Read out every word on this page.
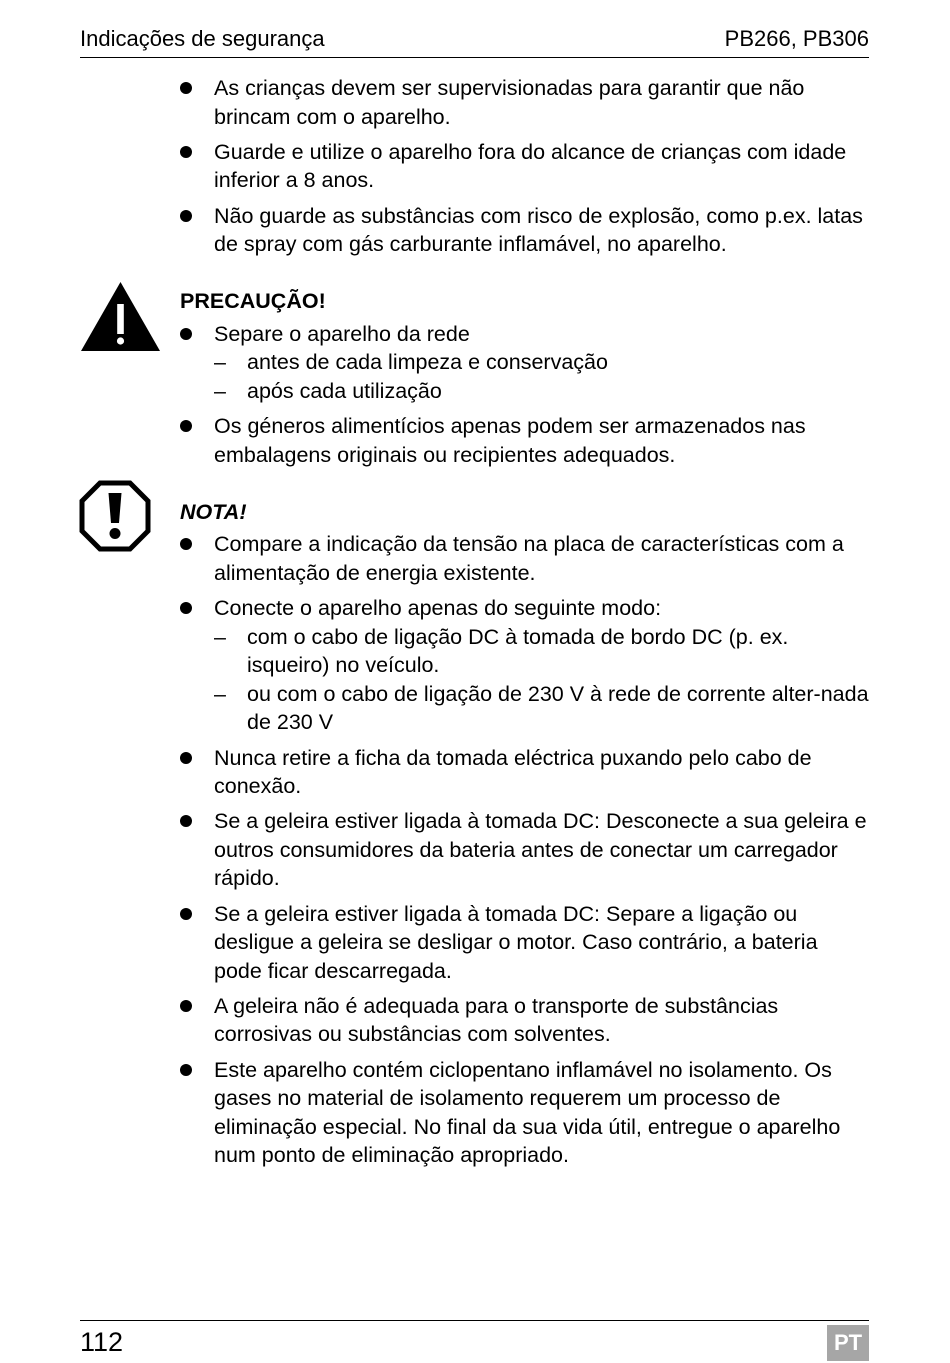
Indicações de segurança	PB266, PB306
As crianças devem ser supervisionadas para garantir que não brincam com o aparelho.
Guarde e utilize o aparelho fora do alcance de crianças com idade inferior a 8 anos.
Não guarde as substâncias com risco de explosão, como p.ex. latas de spray com gás carburante inflamável, no aparelho.
PRECAUÇÃO!
Separe o aparelho da rede
– antes de cada limpeza e conservação
– após cada utilização
Os géneros alimentícios apenas podem ser armazenados nas embalagens originais ou recipientes adequados.
NOTA!
Compare a indicação da tensão na placa de características com a alimentação de energia existente.
Conecte o aparelho apenas do seguinte modo:
– com o cabo de ligação DC à tomada de bordo DC (p. ex. isqueiro) no veículo.
– ou com o cabo de ligação de 230 V à rede de corrente alter-nada de 230 V
Nunca retire a ficha da tomada eléctrica puxando pelo cabo de conexão.
Se a geleira estiver ligada à tomada DC: Desconecte a sua geleira e outros consumidores da bateria antes de conectar um carregador rápido.
Se a geleira estiver ligada à tomada DC: Separe a ligação ou desligue a geleira se desligar o motor. Caso contrário, a bateria pode ficar descarregada.
A geleira não é adequada para o transporte de substâncias corrosivas ou substâncias com solventes.
Este aparelho contém ciclopentano inflamável no isolamento. Os gases no material de isolamento requerem um processo de eliminação especial. No final da sua vida útil, entregue o aparelho num ponto de eliminação apropriado.
112	PT
